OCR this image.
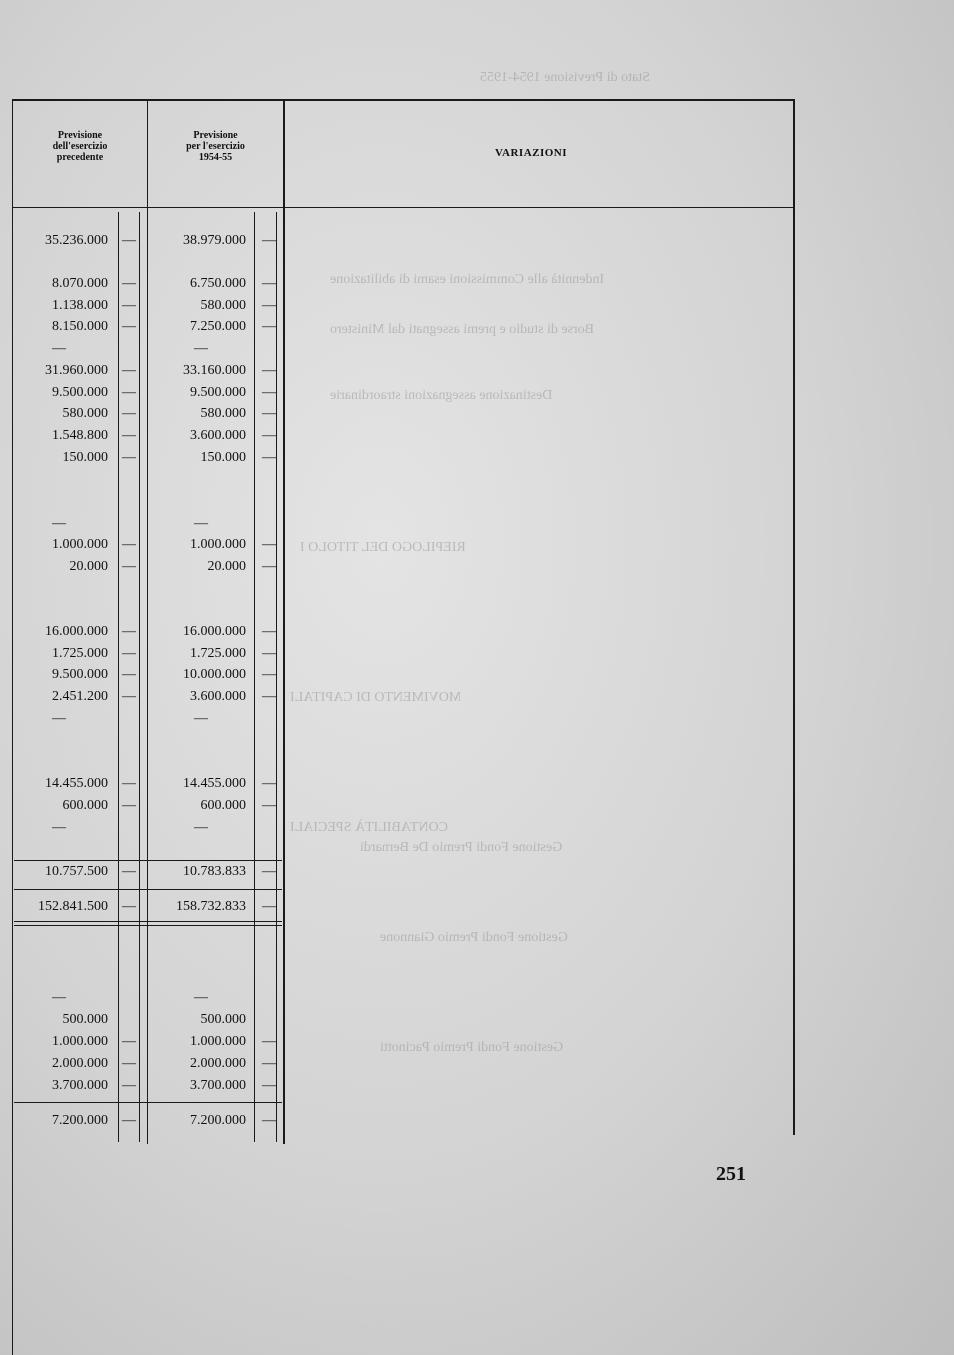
Stato di Previsione 1954-1955
Indennità alle Commissioni esami di abilitazione
Borse di studio e premi assegnati dal Ministero
Destinazione assegnazioni straordinarie
RIEPILOGO DEL TITOLO I
MOVIMENTO DI CAPITALI
CONTABILITÀ SPECIALI
Gestione Fondi Premio De Bernardi
Gestione Fondi Premio Giannone
Gestione Fondi Premio Pacinotti
Previsione
dell'esercizio
precedente
Previsione
per l'esercizio
1954-55	VARIAZIONI
35.236.000 —	38.979.000 —
8.070.000 —	6.750.000 —
1.138.000 —	580.000 —
8.150.000 —	7.250.000 —
—	—
31.960.000 —	33.160.000 —
9.500.000 —	9.500.000 —
580.000 —	580.000 —
1.548.800 —	3.600.000 —
150.000 —	150.000 —
—	—
1.000.000 —	1.000.000 —
20.000 —	20.000 —
16.000.000 —	16.000.000 —
1.725.000 —	1.725.000 —
9.500.000 —	10.000.000 —
2.451.200 —	3.600.000 —
—	—
14.455.000 —	14.455.000 —
600.000 —	600.000 —
—	—
10.757.500 —	10.783.833 —
152.841.500 —	158.732.833 —
—	—
500.000	500.000
1.000.000 —	1.000.000 —
2.000.000 —	2.000.000 —
3.700.000 —	3.700.000 —
7.200.000 —	7.200.000 —
251
